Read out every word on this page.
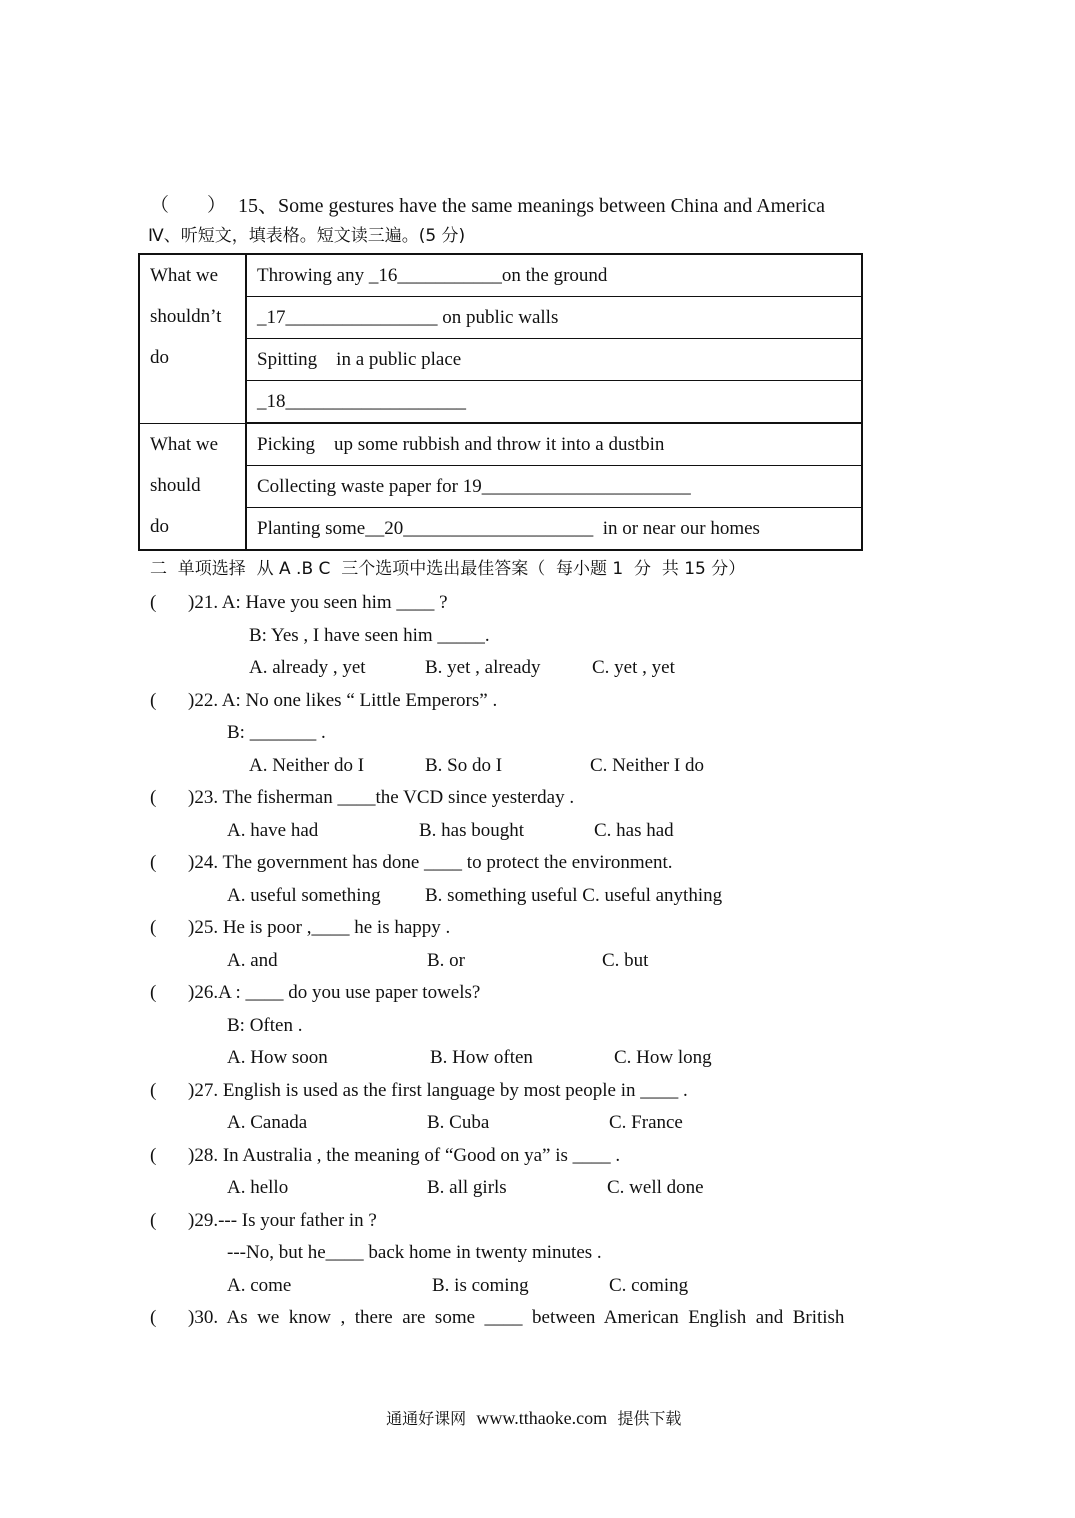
（　　） 15、Some gestures have the same meanings between China and America
Ⅳ、听短文，填表格。短文读三遍。(5 分)
What we
shouldn’t
do	Throwing any _16___________on the ground
	_17________________ on public walls
	Spitting    in a public place
	_18___________________

What we
should
do	Picking    up some rubbish and throw it into a dustbin
	Collecting waste paper for 19______________________
	Planting some__20____________________  in or near our homes
二  单项选择  从 A .B C  三个选项中选出最佳答案（  每小题 1  分  共 15 分）
( )21. A: Have you seen him ____ ?
B: Yes , I have seen him _____.
A. already , yet	B. yet , already	C. yet , yet
( )22. A: No one likes “ Little Emperors” .
B: _______ .
A. Neither do I	B. So do I	C. Neither I do
( )23. The fisherman ____the VCD since yesterday .
A. have had	B. has bought	C. has had
( )24. The government has done ____ to protect the environment.
A. useful something B. something useful C. useful anything
( )25. He is poor ,____ he is happy .
A. and	B. or	C. but
( )26.A : ____ do you use paper towels?
B: Often .
A. How soon	B. How often	C. How long
( )27. English is used as the first language by most people in ____ .
A. Canada	B. Cuba	C. France
( )28. In Australia , the meaning of “Good on ya” is ____ .
A. hello	B. all girls	C. well done
( )29.--- Is your father in ?
---No, but he____ back home in twenty minutes .
A. come	B. is coming	C. coming
( )30.  As  we  know  ,  there  are  some  ____  between  American  English  and  British

通通好课网 www.tthaoke.com 提供下载
